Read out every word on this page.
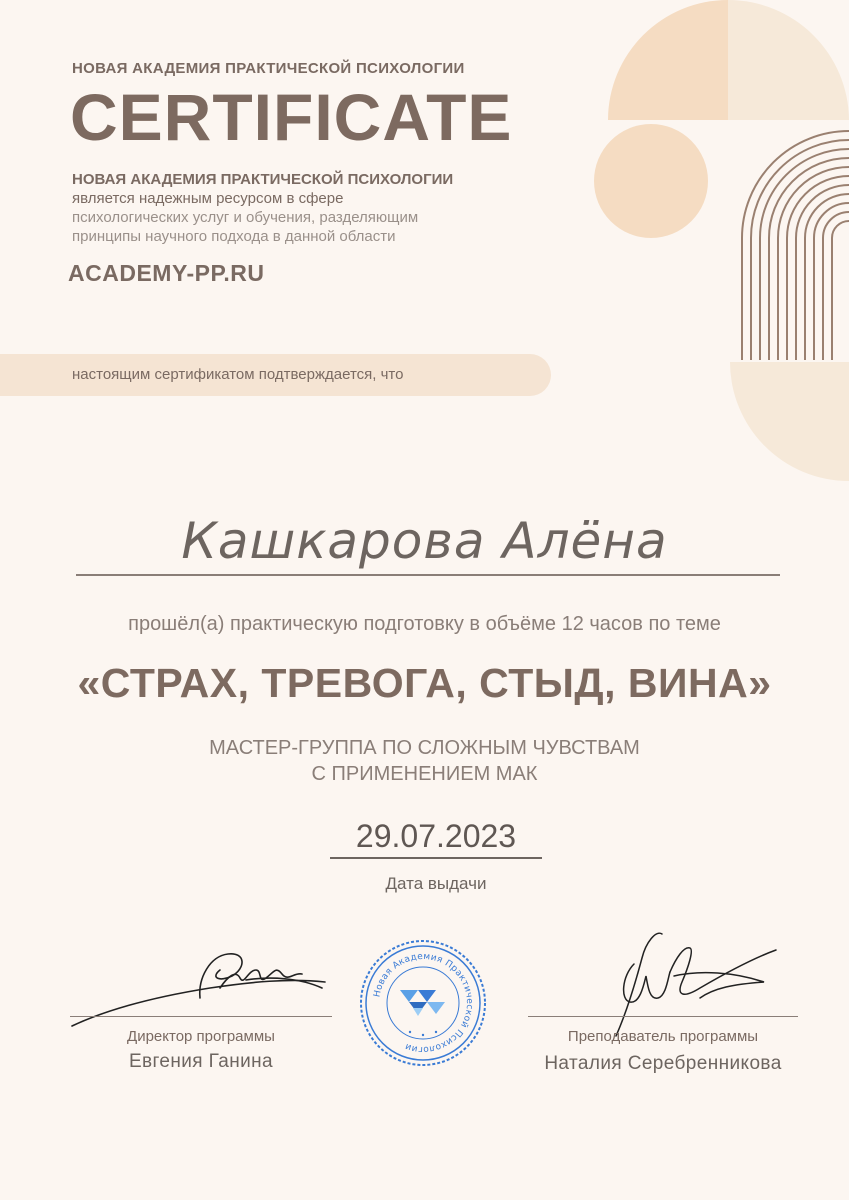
НОВАЯ АКАДЕМИЯ ПРАКТИЧЕСКОЙ ПСИХОЛОГИИ
CERTIFICATE
НОВАЯ АКАДЕМИЯ ПРАКТИЧЕСКОЙ ПСИХОЛОГИИ
является надежным ресурсом в сфере
психологических услуг и обучения, разделяющим
принципы научного подхода в данной области
ACADEMY-PP.RU
настоящим сертификатом подтверждается, что
Кашкарова Алёна
прошёл(а) практическую подготовку в объёме 12 часов по теме
«СТРАХ, ТРЕВОГА, СТЫД, ВИНА»
МАСТЕР-ГРУППА ПО СЛОЖНЫМ ЧУВСТВАМ
С ПРИМЕНЕНИЕМ МАК
29.07.2023
Дата выдачи
Директор программы
Евгения Ганина
Новая Академия Практической Психологии
Преподаватель программы
Наталия Серебренникова
